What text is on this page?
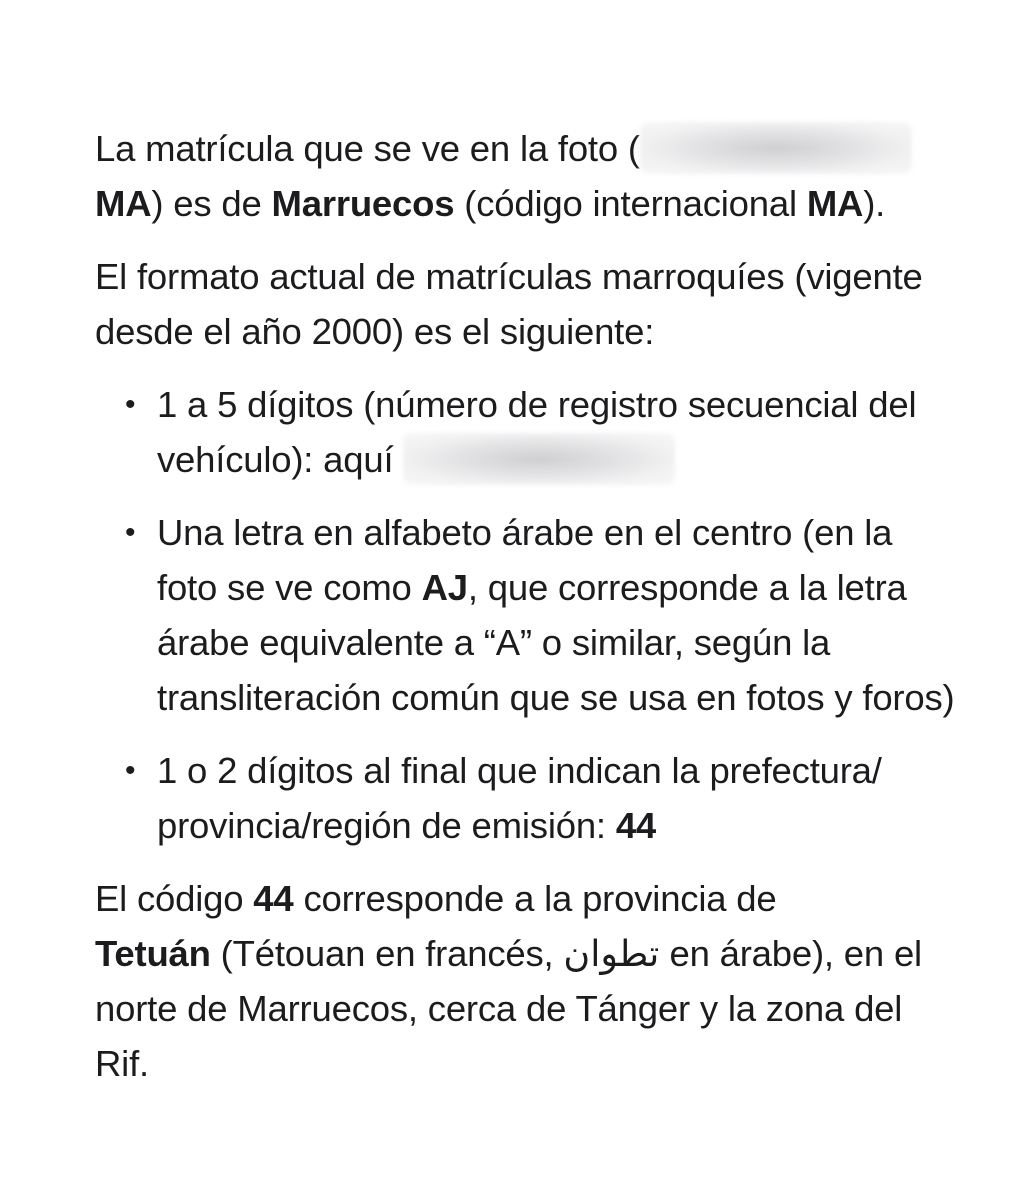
La matrícula que se ve en la foto (
MA) es de Marruecos (código internacional MA).

El formato actual de matrículas marroquíes (vigente desde el año 2000) es el siguiente:

• 1 a 5 dígitos (número de registro secuencial del vehículo): aquí
• Una letra en alfabeto árabe en el centro (en la foto se ve como AJ, que corresponde a la letra árabe equivalente a “A” o similar, según la transliteración común que se usa en fotos y foros)
• 1 o 2 dígitos al final que indican la prefectura/ provincia/región de emisión: 44

El código 44 corresponde a la provincia de
Tetuán (Tétouan en francés, تطوان en árabe), en el norte de Marruecos, cerca de Tánger y la zona del Rif.
